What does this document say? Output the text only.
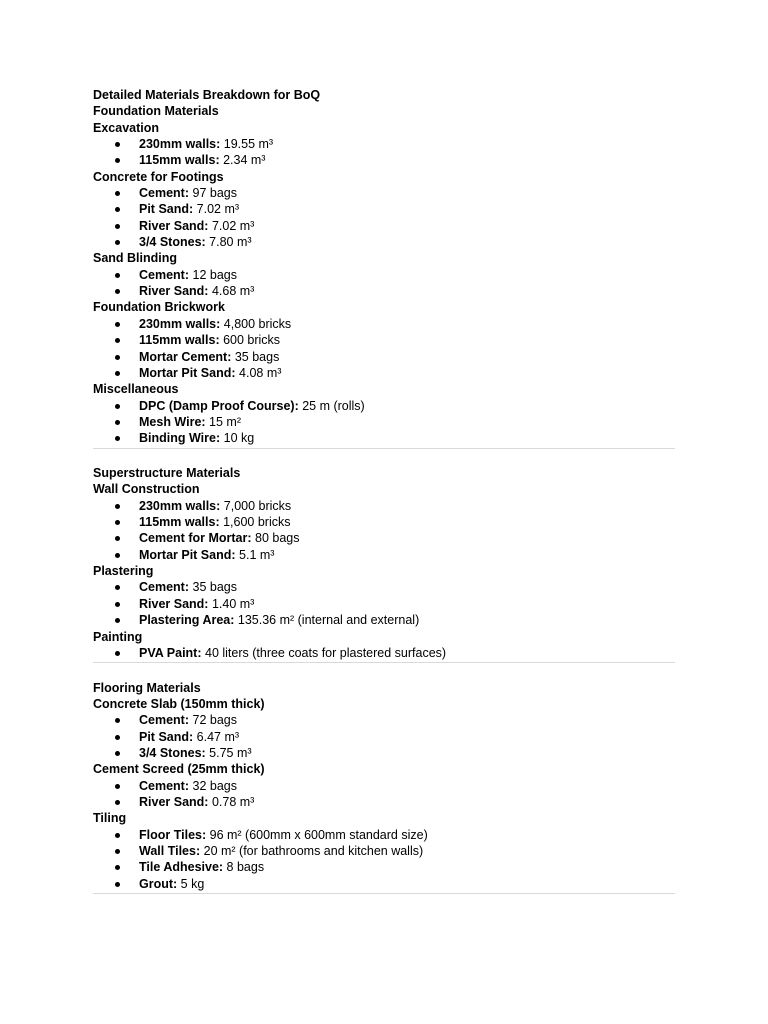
Detailed Materials Breakdown for BoQ
Foundation Materials
Excavation
230mm walls: 19.55 m³
115mm walls: 2.34 m³
Concrete for Footings
Cement: 97 bags
Pit Sand: 7.02 m³
River Sand: 7.02 m³
3/4 Stones: 7.80 m³
Sand Blinding
Cement: 12 bags
River Sand: 4.68 m³
Foundation Brickwork
230mm walls: 4,800 bricks
115mm walls: 600 bricks
Mortar Cement: 35 bags
Mortar Pit Sand: 4.08 m³
Miscellaneous
DPC (Damp Proof Course): 25 m (rolls)
Mesh Wire: 15 m²
Binding Wire: 10 kg
Superstructure Materials
Wall Construction
230mm walls: 7,000 bricks
115mm walls: 1,600 bricks
Cement for Mortar: 80 bags
Mortar Pit Sand: 5.1 m³
Plastering
Cement: 35 bags
River Sand: 1.40 m³
Plastering Area: 135.36 m² (internal and external)
Painting
PVA Paint: 40 liters (three coats for plastered surfaces)
Flooring Materials
Concrete Slab (150mm thick)
Cement: 72 bags
Pit Sand: 6.47 m³
3/4 Stones: 5.75 m³
Cement Screed (25mm thick)
Cement: 32 bags
River Sand: 0.78 m³
Tiling
Floor Tiles: 96 m² (600mm x 600mm standard size)
Wall Tiles: 20 m² (for bathrooms and kitchen walls)
Tile Adhesive: 8 bags
Grout: 5 kg
